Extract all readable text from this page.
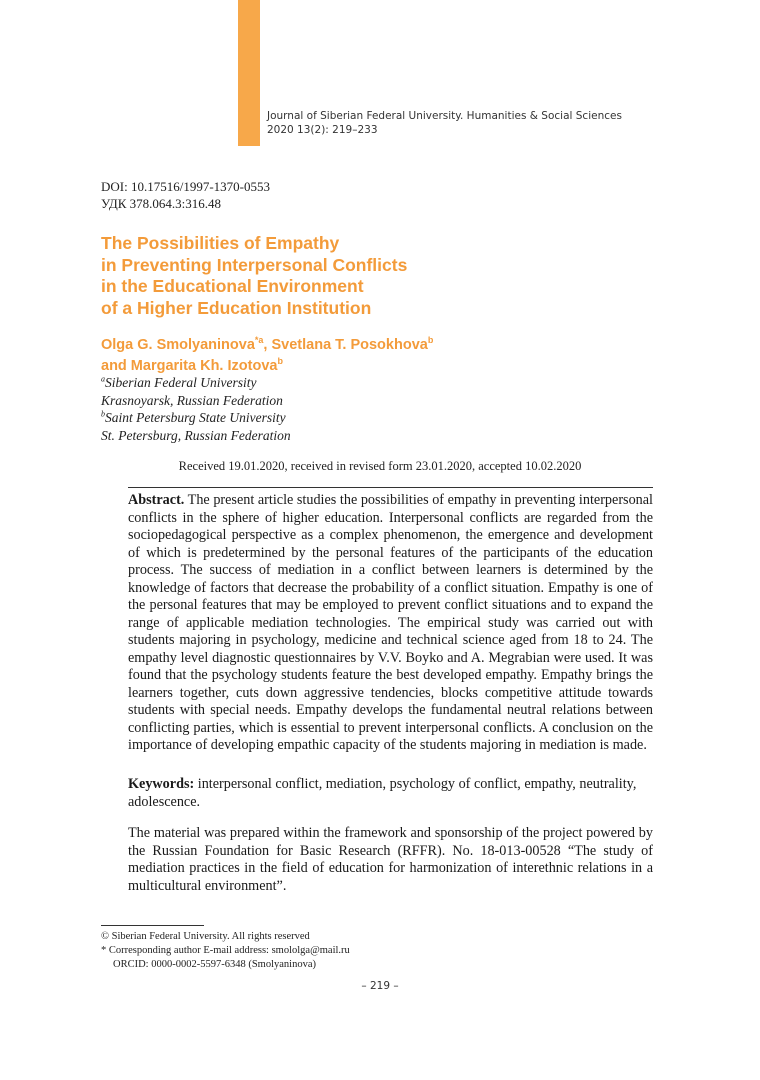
Journal of Siberian Federal University. Humanities & Social Sciences
2020 13(2): 219–233
DOI: 10.17516/1997-1370-0553
УДК 378.064.3:316.48
The Possibilities of Empathy
in Preventing Interpersonal Conflicts
in the Educational Environment
of a Higher Education Institution
Olga G. Smolyaninova$^{*a}$, Svetlana T. Posokhova$^b$
and Margarita Kh. Izotova$^b$
$^a$Siberian Federal University
Krasnoyarsk, Russian Federation
$^b$Saint Petersburg State University
St. Petersburg, Russian Federation
Received 19.01.2020, received in revised form 23.01.2020, accepted 10.02.2020

Abstract. The present article studies the possibilities of empathy in preventing interpersonal conflicts in the sphere of higher education. Interpersonal conflicts are regarded from the sociopedagogical perspective as a complex phenomenon, the emergence and development of which is predetermined by the personal features of the participants of the education process. The success of mediation in a conflict between learners is determined by the knowledge of factors that decrease the probability of a conflict situation. Empathy is one of the personal features that may be employed to prevent conflict situations and to expand the range of applicable mediation technologies. The empirical study was carried out with students majoring in psychology, medicine and technical science aged from 18 to 24. The empathy level diagnostic questionnaires by V.V. Boyko and A. Megrabian were used. It was found that the psychology students feature the best developed empathy. Empathy brings the learners together, cuts down aggressive tendencies, blocks competitive attitude towards students with special needs. Empathy develops the fundamental neutral relations between conflicting parties, which is essential to prevent interpersonal conflicts. A conclusion on the importance of developing empathic capacity of the students majoring in mediation is made.

Keywords: interpersonal conflict, mediation, psychology of conflict, empathy, neutrality, adolescence.

The material was prepared within the framework and sponsorship of the project powered by the Russian Foundation for Basic Research (RFFR). No. 18-013-00528 “The study of mediation practices in the field of education for harmonization of interethnic relations in a multicultural environment”.

© Siberian Federal University. All rights reserved
* Corresponding author E-mail address: smololga@mail.ru
ORCID: 0000-0002-5597-6348 (Smolyaninova)
– 219 –
